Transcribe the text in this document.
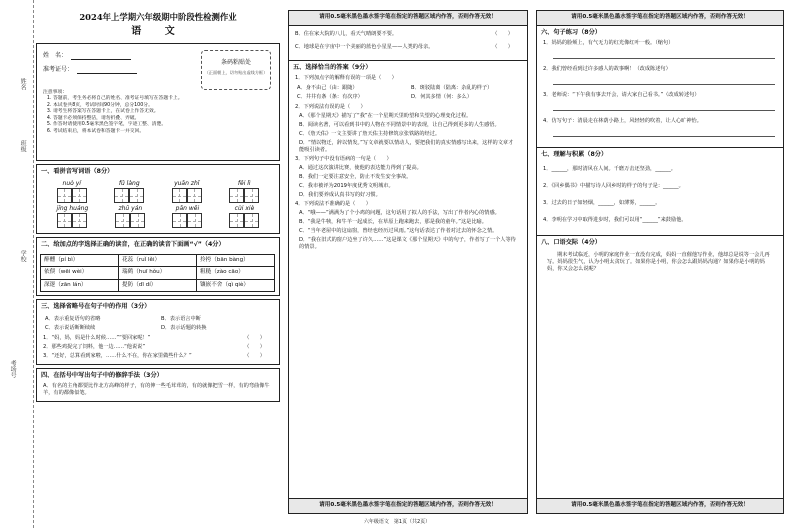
姓名
班级
学校
考场号
2024年上学期六年级期中阶段性检测作业
语 文
姓　名：
准考证号：
条码粘贴处
（正面朝上，切勿贴出虚线方框）
注意事项：
1. 答题前，考生务必将自己的姓名、准考证号填写在答题卡上。
2. 本试卷共8页，考试时间90分钟，总分100分。
3. 请考生将答案写在答题卡上，在试卷上作答无效。
4. 答题卡必须保持整洁，请勿折叠、弄破。
5. 作答时请使用0.5毫米黑色签字笔，字迹工整、清楚。
6. 考试结束后，将本试卷和答题卡一并交回。
一、看拼音写词语（8分）
nuò yí	fǔ làng	yuān zhǐ	fěi lì
jīng huáng	zhū yán	pān wēi	cùi xiè
二、给加点的字选择正确的读音，在正确的读音下面画“√”（4分）
醉醺（pí bì）	花蕊（ruǐ lěi）	拎挎（bān bàng）
依偎（wēi wèi）	瑞鹤（huī hǒu）	粗糙（zào cāo）
深邃（zān lán）	提防（dī dí）	镶嵌不舍（qì qiè）
三、选择省略号在句子中的作用（3分）
A．表示重复语句的省略	B．表示语言中断
C．表示说话断断续续	D．表示话题的转换
1．“妈，妈，妈是什么时候……”“要回家呢！”	（　　）
2．那些鸡捉完了饲料，他一边……“他说说”	（　　）
3．“还好，总算看到家啦，……什么不在，你在家里做些什么？”	（　　）
四、在括号中写出句子中的修辞手法（3分）
A．有名的主角都要比作北方高峰的样子，有的伸一些毛茸茸的，有的就像把雪一样，有的弯曲像牛羊，有的都像似笔。
请用0.5毫米黑色墨水签字笔在指定的答题区域内作答，否则作答无效！
B．住在家大院的八儿，看天气晴朗要不要。	（　　）
C．地球是在宇宙中一个美丽的蓝色小星星——人类的母亲。	（　　）
五、选择恰当的答案（9分）
1．下列加点字的解释有误的一项是（　　）
A．身不由己（由：跟随）	B．斑驳陆离（陆离：杂乱的样子）
C．井井有条（条：有次序）	D．何其多情（何：多么）
2．下列说法有误的是（　　）
A．《那个星期天》描写了“我”在一个星期天里盼望和失望的心理变化过程。
B．阅读名著，可以看到书中的人物在不同情景中的表现，让自己得到更多的人生感悟。
C．《詹天佑》一文主要讲了詹天佑主持修筑京张铁路的经过。
D．“情以物迁，辞以情发。”写文章就要以情动人，要把我们的真实情感写出来，这样的文章才能吸引读者。
3．下列句子中没有语病的一句是（　　）
A．通过这次演讲比赛，使他的表达能力得到了提高。
B．我们一定要注意安全，防止不发生安全事故。
C．我市被评为2019年度优秀文明城市。
D．我们要养成认真书写的好习惯。
4．下列说法不准确的是（　　）
A．“哦——”满满为了个小鸡的问题，这句话用了拟人的手法，写出了作者内心的情感。
B．“我是牛犊，和牛羊一起成长，在草原上跑来跑去，那是我的童年。”这是比喻。
C．“当年老屋中的这扇窗，曾经也经历过风雨。”这句话表达了作者对过去的怀念之情。
D．“我在旧式的窗户边坐了许久……”这是课文《那个星期天》中的句子，作者写了一个人等待的情景。
请用0.5毫米黑色墨水签字笔在指定的答题区域内作答，否则作答无效！
请用0.5毫米黑色墨水签字笔在指定的答题区域内作答，否则作答无效！
六、句子练习（8分）
1．妈妈的脸颊上，有气无力的红光像红叶一般。（缩句）
2．我们曾经看到过许多感人的故事啊！（改成陈述句）
3．老师说：“下午我有事去开会，请大家自己看书。”（改成转述句）
4．仿写句子：清晨走在林荫小路上，风轻轻的吹着，让人心旷神怡。
七、理解与积累（8分）
1．______，那时清风在人间。千磨万击还坚劲，______。
2．《回乡偶书》中描写诗人回乡时的样子的句子是：______。
3．过去的日子如轻烟，______，如薄雾，______。
4．李明在学习中取得进步时，我们可以用“______”来鼓励他。
八、口语交际（4分）
期末考试临近，小明的家庭作业一直没有完成，妈妈一直催他写作业，他却总是说等一会儿再写。妈妈很生气，认为小明太贪玩了。如果你是小明，你会怎么跟妈妈沟通？如果你是小明的妈妈，你又会怎么说呢？
请用0.5毫米黑色墨水签字笔在指定的答题区域内作答，否则作答无效！
六年级语文　第1页（共2页）
